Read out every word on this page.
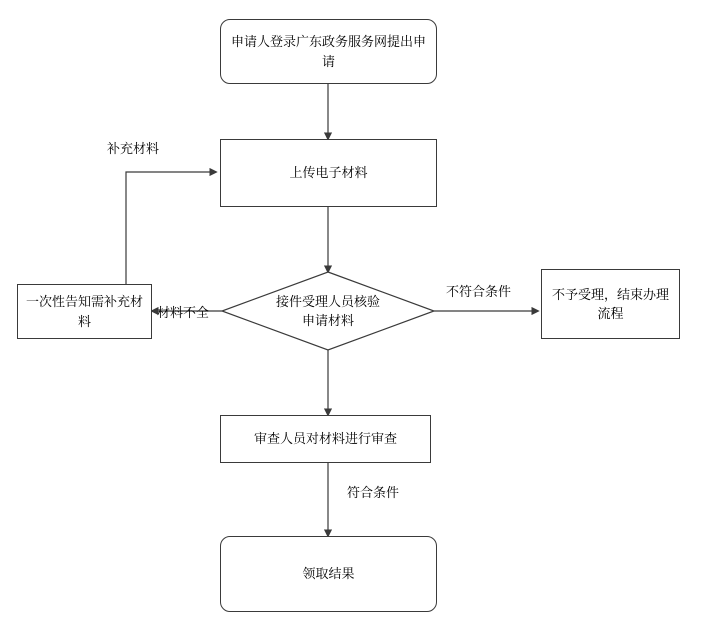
申请人登录广东政务服务网提出申请
上传电子材料
接件受理人员核验申请材料
一次性告知需补充材料
不予受理，结束办理流程
审查人员对材料进行审查
领取结果
补充材料
材料不全
不符合条件
符合条件
